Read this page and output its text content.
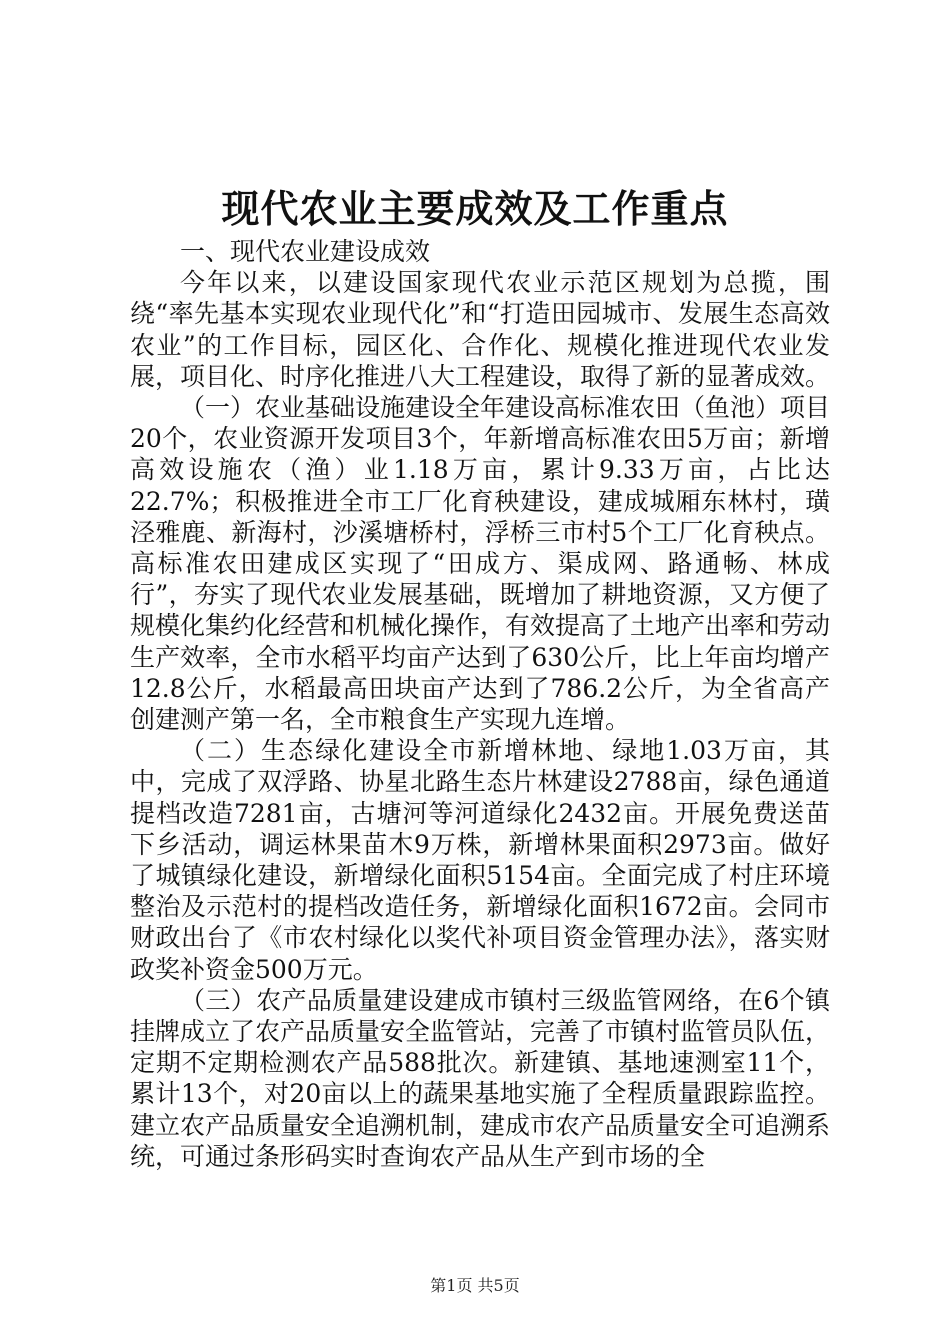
现代农业主要成效及工作重点

一、现代农业建设成效

今年以来，以建设国家现代农业示范区规划为总揽，围绕“率先基本实现农业现代化”和“打造田园城市、发展生态高效农业”的工作目标，园区化、合作化、规模化推进现代农业发展，项目化、时序化推进八大工程建设，取得了新的显著成效。

（一）农业基础设施建设全年建设高标准农田（鱼池）项目20个，农业资源开发项目3个，年新增高标准农田5万亩；新增高效设施农（渔）业1.18万亩，累计9.33万亩，占比达22.7%；积极推进全市工厂化育秧建设，建成城厢东林村，璜泾雅鹿、新海村，沙溪塘桥村，浮桥三市村5个工厂化育秧点。高标准农田建成区实现了“田成方、渠成网、路通畅、林成行”，夯实了现代农业发展基础，既增加了耕地资源，又方便了规模化集约化经营和机械化操作，有效提高了土地产出率和劳动生产效率，全市水稻平均亩产达到了630公斤，比上年亩均增产12.8公斤，水稻最高田块亩产达到了786.2公斤，为全省高产创建测产第一名，全市粮食生产实现九连增。

（二）生态绿化建设全市新增林地、绿地1.03万亩，其中，完成了双浮路、协星北路生态片林建设2788亩，绿色通道提档改造7281亩，古塘河等河道绿化2432亩。开展免费送苗下乡活动，调运林果苗木9万株，新增林果面积2973亩。做好了城镇绿化建设，新增绿化面积5154亩。全面完成了村庄环境整治及示范村的提档改造任务，新增绿化面积1672亩。会同市财政出台了《市农村绿化以奖代补项目资金管理办法》，落实财政奖补资金500万元。

（三）农产品质量建设建成市镇村三级监管网络，在6个镇挂牌成立了农产品质量安全监管站，完善了市镇村监管员队伍，定期不定期检测农产品588批次。新建镇、基地速测室11个，累计13个，对20亩以上的蔬果基地实施了全程质量跟踪监控。建立农产品质量安全追溯机制，建成市农产品质量安全可追溯系统，可通过条形码实时查询农产品从生产到市场的全

第1页 共5页
